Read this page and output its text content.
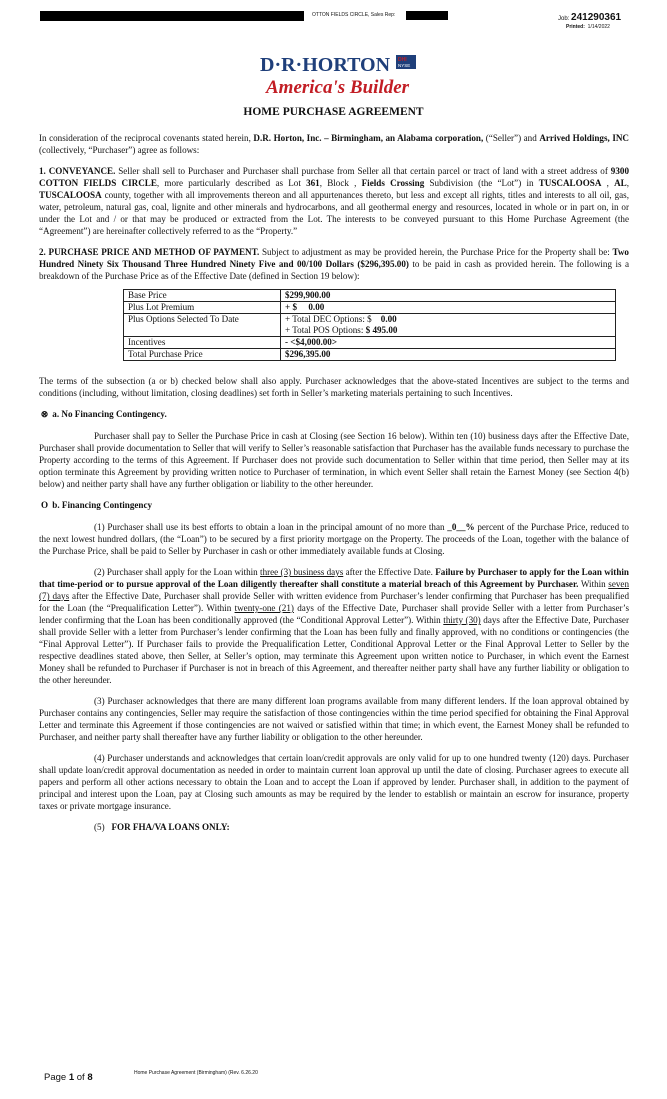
OTTON FIELDS CIRCLE, Sales Rep:
Job: 241290361
Printed: 1/14/2022
D·R·HORTON DHI
NYSE
America's Builder
HOME PURCHASE AGREEMENT

In consideration of the reciprocal covenants stated herein, D.R. Horton, Inc. – Birmingham, an Alabama corporation, (“Seller”) and Arrived Holdings, INC (collectively, “Purchaser”) agree as follows:

1. CONVEYANCE. Seller shall sell to Purchaser and Purchaser shall purchase from Seller all that certain parcel or tract of land with a street address of 9300 COTTON FIELDS CIRCLE, more particularly described as Lot 361, Block , Fields Crossing Subdivision (the “Lot”) in TUSCALOOSA , AL, TUSCALOOSA county, together with all improvements thereon and all appurtenances thereto, but less and except all rights, titles and interests to all oil, gas, water, petroleum, natural gas, coal, lignite and other minerals and hydrocarbons, and all geothermal energy and resources, located in whole or in part on, in or under the Lot and / or that may be produced or extracted from the Lot. The interests to be conveyed pursuant to this Home Purchase Agreement (the “Agreement”) are hereinafter collectively referred to as the “Property.”

2. PURCHASE PRICE AND METHOD OF PAYMENT. Subject to adjustment as may be provided herein, the Purchase Price for the Property shall be: Two Hundred Ninety Six Thousand Three Hundred Ninety Five and 00/100 Dollars ($296,395.00) to be paid in cash as provided herein. The following is a breakdown of the Purchase Price as of the Effective Date (defined in Section 19 below):

Base Price	$299,900.00
Plus Lot Premium	+ $     0.00
Plus Options Selected To Date	+ Total DEC Options: $ 0.00
+ Total POS Options: $ 495.00
Incentives	- <$4,000.00>
Total Purchase Price	$296,395.00

The terms of the subsection (a or b) checked below shall also apply. Purchaser acknowledges that the above-stated Incentives are subject to the terms and conditions (including, without limitation, closing deadlines) set forth in Seller’s marketing materials pertaining to such Incentives.

⊗ a. No Financing Contingency.

Purchaser shall pay to Seller the Purchase Price in cash at Closing (see Section 16 below). Within ten (10) business days after the Effective Date, Purchaser shall provide documentation to Seller that will verify to Seller’s reasonable satisfaction that Purchaser has the available funds necessary to purchase the Property according to the terms of this Agreement. If Purchaser does not provide such documentation to Seller within that time period, then Seller may at its option terminate this Agreement by providing written notice to Purchaser of termination, in which event Seller shall retain the Earnest Money (see Section 4(b) below) and neither party shall have any further obligation or liability to the other hereunder.

O b. Financing Contingency

(1) Purchaser shall use its best efforts to obtain a loan in the principal amount of no more than _0__% percent of the Purchase Price, reduced to the next lowest hundred dollars, (the “Loan”) to be secured by a first priority mortgage on the Property. The proceeds of the Loan, together with the balance of the Purchase Price, shall be paid to Seller by Purchaser in cash or other immediately available funds at Closing.

(2) Purchaser shall apply for the Loan within three (3) business days after the Effective Date. Failure by Purchaser to apply for the Loan within that time-period or to pursue approval of the Loan diligently thereafter shall constitute a material breach of this Agreement by Purchaser. Within seven (7) days after the Effective Date, Purchaser shall provide Seller with written evidence from Purchaser’s lender confirming that Purchaser has been prequalified for the Loan (the “Prequalification Letter”). Within twenty-one (21) days of the Effective Date, Purchaser shall provide Seller with a letter from Purchaser’s lender confirming that the Loan has been conditionally approved (the “Conditional Approval Letter”). Within thirty (30) days after the Effective Date, Purchaser shall provide Seller with a letter from Purchaser’s lender confirming that the Loan has been fully and finally approved, with no conditions or contingencies (the “Final Approval Letter”). If Purchaser fails to provide the Prequalification Letter, Conditional Approval Letter or the Final Approval Letter to Seller by the respective deadlines stated above, then Seller, at Seller’s option, may terminate this Agreement upon written notice to Purchaser, in which event the Earnest Money shall be refunded to Purchaser if Purchaser is not in breach of this Agreement, and thereafter neither party shall have any further liability or obligation to the other hereunder.

(3) Purchaser acknowledges that there are many different loan programs available from many different lenders. If the loan approval obtained by Purchaser contains any contingencies, Seller may require the satisfaction of those contingencies within the time period specified for obtaining the Final Approval Letter and terminate this Agreement if those contingencies are not waived or satisfied within that time; in which event, the Earnest Money shall be refunded to Purchaser, and neither party shall thereafter have any further liability or obligation to the other hereunder.

(4) Purchaser understands and acknowledges that certain loan/credit approvals are only valid for up to one hundred twenty (120) days. Purchaser shall update loan/credit approval documentation as needed in order to maintain current loan approval up until the date of closing. Purchaser agrees to execute all papers and perform all other actions necessary to obtain the Loan and to accept the Loan if approved by lender. Purchaser shall, in addition to the payment of principal and interest upon the Loan, pay at Closing such amounts as may be required by the lender to establish or maintain an escrow for insurance, property taxes or private mortgage insurance.

(5) FOR FHA/VA LOANS ONLY:

Page 1 of 8	Home Purchase Agreement (Birmingham) (Rev. 6.26.20
